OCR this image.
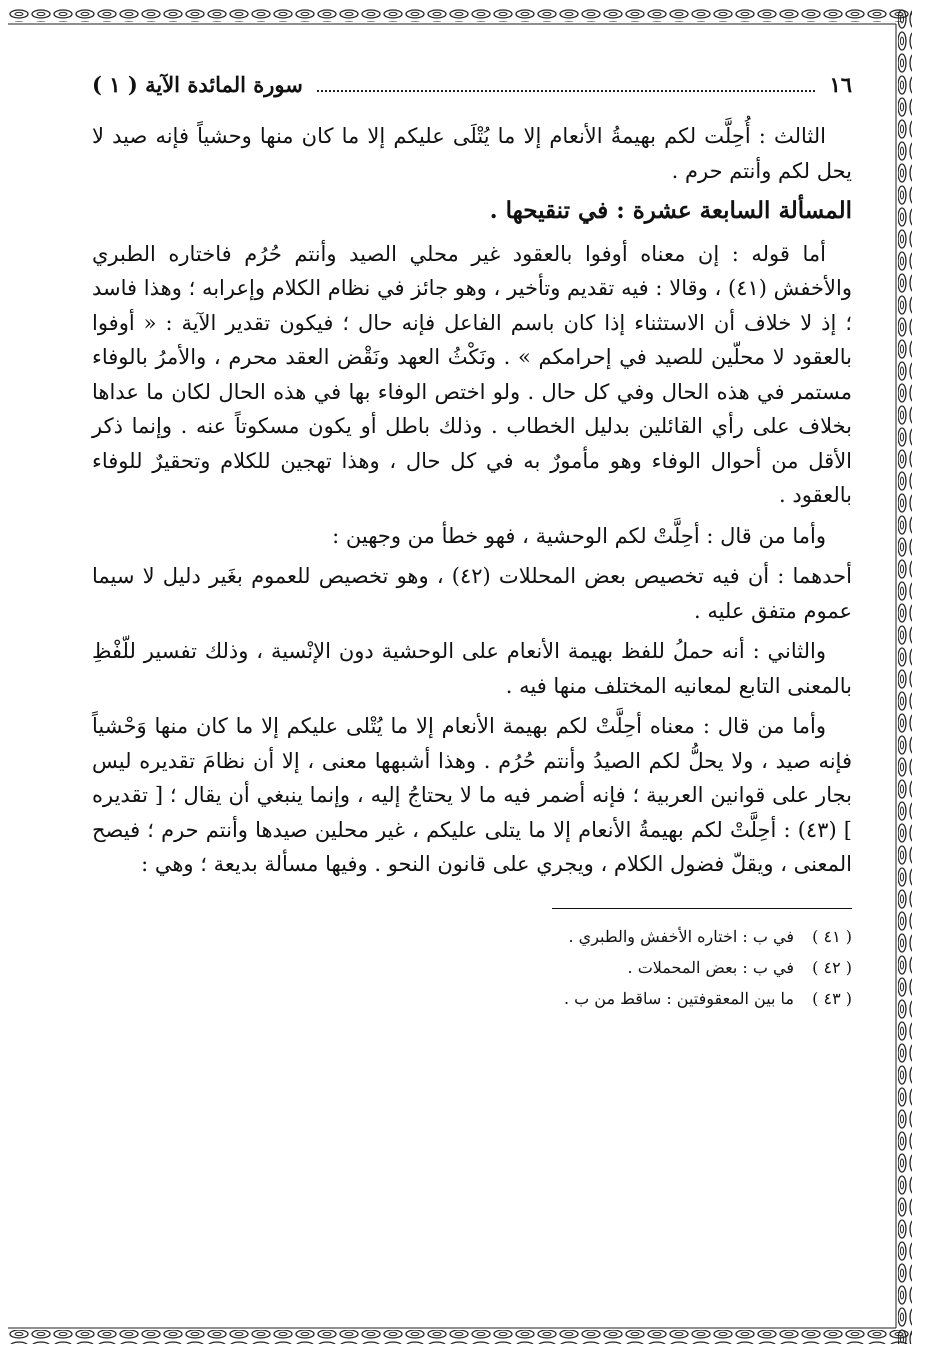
١٦
سورة المائدة الآية ( ١ )

الثالث : أُحِلَّت لكم بهيمةُ الأنعام إلا ما يُتْلَى عليكم إلا ما كان منها وحشياً فإنه صيد لا يحل لكم وأنتم حرم .

المسألة السابعة عشرة : في تنقيحها .

أما قوله : إن معناه أوفوا بالعقود غير محلي الصيد وأنتم حُرُم فاختاره الطبري والأخفش (٤١) ، وقالا : فيه تقديم وتأخير ، وهو جائز في نظام الكلام وإعرابه ؛ وهذا فاسد ؛ إذ لا خلاف أن الاستثناء إذا كان باسم الفاعل فإنه حال ؛ فيكون تقدير الآية : « أوفوا بالعقود لا محلّين للصيد في إحرامكم » . ونَكْثُ العهد ونَقْض العقد محرم ، والأمرُ بالوفاء مستمر في هذه الحال وفي كل حال . ولو اختص الوفاء بها في هذه الحال لكان ما عداها بخلاف على رأي القائلين بدليل الخطاب . وذلك باطل أو يكون مسكوتاً عنه . وإنما ذكر الأقل من أحوال الوفاء وهو مأمورٌ به في كل حال ، وهذا تهجين للكلام وتحقيرٌ للوفاء بالعقود .

وأما من قال : أحِلَّتْ لكم الوحشية ، فهو خطأ من وجهين :

أحدهما : أن فيه تخصيص بعض المحللات (٤٢) ، وهو تخصيص للعموم بغَير دليل لا سيما عموم متفق عليه .

والثاني : أنه حملُ للفظ بهيمة الأنعام على الوحشية دون الإنْسية ، وذلك تفسير للّفْظِ بالمعنى التابع لمعانيه المختلف منها فيه .

وأما من قال : معناه أحِلَّتْ لكم بهيمة الأنعام إلا ما يُتْلى عليكم إلا ما كان منها وَحْشياً فإنه صيد ، ولا يحلُّ لكم الصيدُ وأنتم حُرُم . وهذا أشبهها معنى ، إلا أن نظامَ تقديره ليس بجار على قوانين العربية ؛ فإنه أضمر فيه ما لا يحتاجُ إليه ، وإنما ينبغي أن يقال ؛ [ تقديره ] (٤٣) : أحِلَّتْ لكم بهيمةُ الأنعام إلا ما يتلى عليكم ، غير محلين صيدها وأنتم حرم ؛ فيصح المعنى ، ويقلّ فضول الكلام ، ويجري على قانون النحو . وفيها مسألة بديعة ؛ وهي :

( ٤١ )
في ب : اختاره الأخفش والطبري .
( ٤٢ )
في ب : بعض المحملات .
( ٤٣ )
ما بين المعقوفتين : ساقط من ب .
